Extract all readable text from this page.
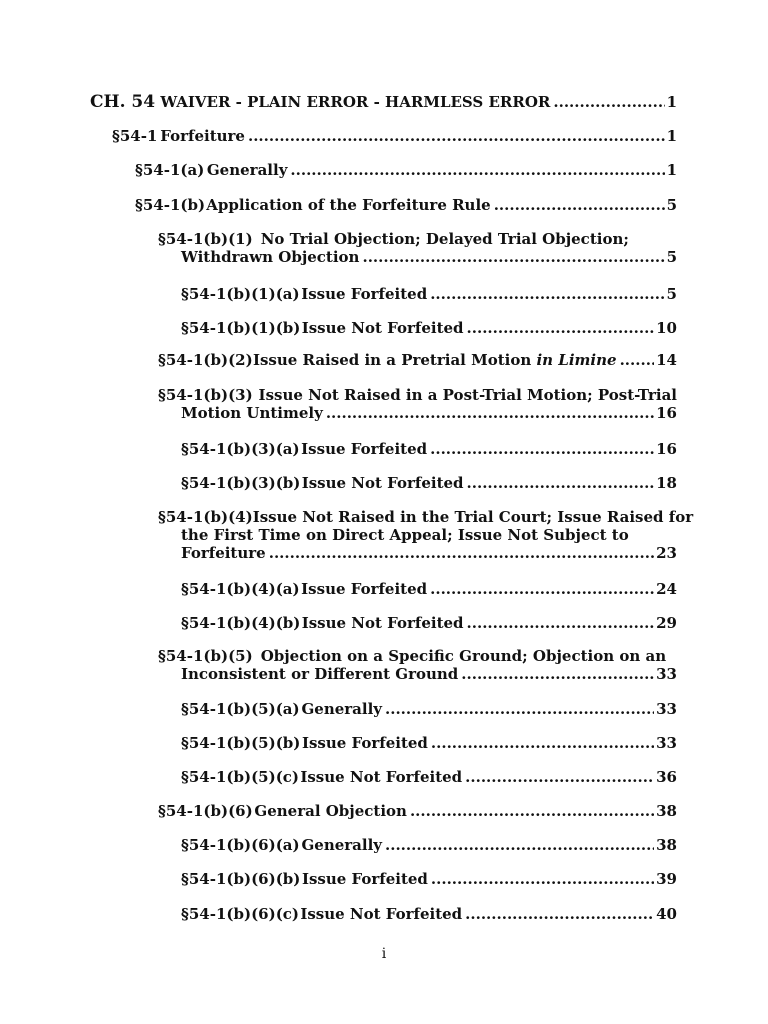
CH. 54
WAIVER - PLAIN ERROR - HARMLESS ERROR .....	1
§54-1 Forfeiture .....	1
§54-1(a) Generally .....	1
§54-1(b) Application of the Forfeiture Rule .....	5
§54-1(b)(1) No Trial Objection; Delayed Trial Objection;
Withdrawn Objection .....	5
§54-1(b)(1)(a) Issue Forfeited .....	5
§54-1(b)(1)(b) Issue Not Forfeited .....	10
§54-1(b)(2) Issue Raised in a Pretrial Motion in Limine .....	14
§54-1(b)(3) Issue Not Raised in a Post-Trial Motion; Post-Trial
Motion Untimely .....	16
§54-1(b)(3)(a) Issue Forfeited .....	16
§54-1(b)(3)(b) Issue Not Forfeited .....	18
§54-1(b)(4) Issue Not Raised in the Trial Court; Issue Raised for
the First Time on Direct Appeal; Issue Not Subject to
Forfeiture .....	23
§54-1(b)(4)(a) Issue Forfeited .....	24
§54-1(b)(4)(b) Issue Not Forfeited .....	29
§54-1(b)(5) Objection on a Specific Ground; Objection on an
Inconsistent or Different Ground .....	33
§54-1(b)(5)(a) Generally .....	33
§54-1(b)(5)(b) Issue Forfeited .....	33
§54-1(b)(5)(c) Issue Not Forfeited .....	36
§54-1(b)(6) General Objection .....	38
§54-1(b)(6)(a) Generally .....	38
§54-1(b)(6)(b) Issue Forfeited .....	39
§54-1(b)(6)(c) Issue Not Forfeited .....	40
i
